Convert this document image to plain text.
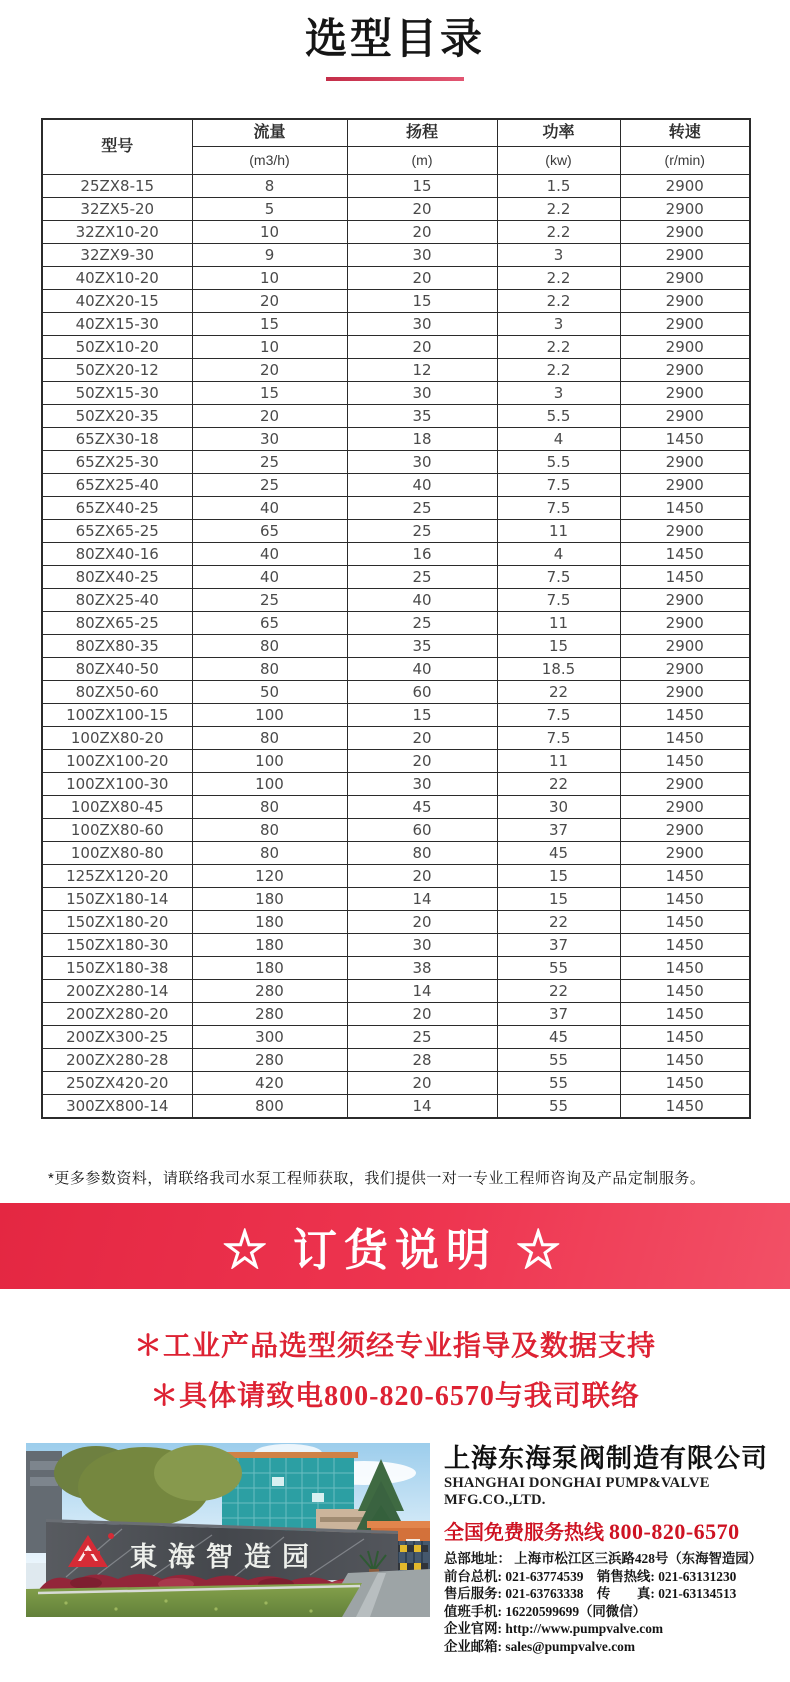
选型目录
型号	流量	扬程	功率	转速
	(m3/h)	(m)	(kw)	(r/min)
25ZX8-15	8	15	1.5	2900
32ZX5-20	5	20	2.2	2900
32ZX10-20	10	20	2.2	2900
32ZX9-30	9	30	3	2900
40ZX10-20	10	20	2.2	2900
40ZX20-15	20	15	2.2	2900
40ZX15-30	15	30	3	2900
50ZX10-20	10	20	2.2	2900
50ZX20-12	20	12	2.2	2900
50ZX15-30	15	30	3	2900
50ZX20-35	20	35	5.5	2900
65ZX30-18	30	18	4	1450
65ZX25-30	25	30	5.5	2900
65ZX25-40	25	40	7.5	2900
65ZX40-25	40	25	7.5	1450
65ZX65-25	65	25	11	2900
80ZX40-16	40	16	4	1450
80ZX40-25	40	25	7.5	1450
80ZX25-40	25	40	7.5	2900
80ZX65-25	65	25	11	2900
80ZX80-35	80	35	15	2900
80ZX40-50	80	40	18.5	2900
80ZX50-60	50	60	22	2900
100ZX100-15	100	15	7.5	1450
100ZX80-20	80	20	7.5	1450
100ZX100-20	100	20	11	1450
100ZX100-30	100	30	22	2900
100ZX80-45	80	45	30	2900
100ZX80-60	80	60	37	2900
100ZX80-80	80	80	45	2900
125ZX120-20	120	20	15	1450
150ZX180-14	180	14	15	1450
150ZX180-20	180	20	22	1450
150ZX180-30	180	30	37	1450
150ZX180-38	180	38	55	1450
200ZX280-14	280	14	22	1450
200ZX280-20	280	20	37	1450
200ZX300-25	300	25	45	1450
200ZX280-28	280	28	55	1450
250ZX420-20	420	20	55	1450
300ZX800-14	800	14	55	1450

*更多参数资料，请联络我司水泵工程师获取，我们提供一对一专业工程师咨询及产品定制服务。

☆ 订货说明 ☆

＊工业产品选型须经专业指导及数据支持

＊具体请致电800-820-6570与我司联络

東海智造园
上海东海泵阀制造有限公司
SHANGHAI DONGHAI PUMP&VALVE MFG.CO.,LTD.
全国免费服务热线 800-820-6570
总部地址： 上海市松江区三浜路428号（东海智造园）
前台总机: 021-63774539　销售热线: 021-63131230
售后服务: 021-63763338　传　　真: 021-63134513
值班手机: 16220599699（同微信）
企业官网: http://www.pumpvalve.com
企业邮箱: sales@pumpvalve.com
